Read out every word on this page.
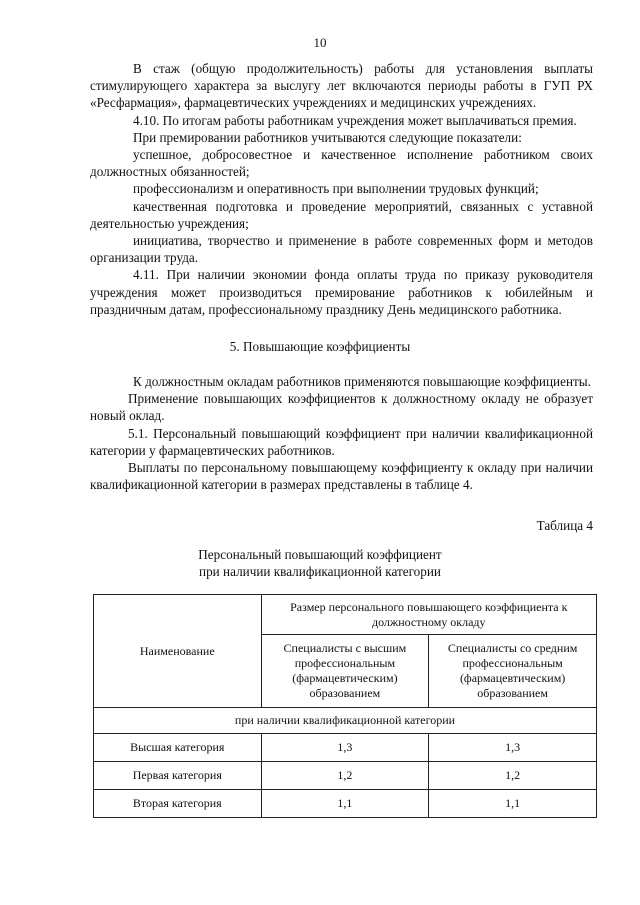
10

В стаж (общую продолжительность) работы для установления выплаты стимулирующего характера за выслугу лет включаются периоды работы в ГУП РХ «Ресфармация», фармацевтических учреждениях и медицинских учреждениях.

4.10. По итогам работы работникам учреждения может выплачиваться премия.

При премировании работников учитываются следующие показатели:

успешное, добросовестное и качественное исполнение работником своих должностных обязанностей;

профессионализм и оперативность при выполнении трудовых функций;

качественная подготовка и проведение мероприятий, связанных с уставной деятельностью учреждения;

инициатива, творчество и применение в работе современных форм и методов организации труда.

4.11. При наличии экономии фонда оплаты труда по приказу руководителя учреждения может производиться премирование работников к юбилейным и праздничным датам, профессиональному празднику День медицинского работника.

5. Повышающие коэффициенты

К должностным окладам работников применяются повышающие коэффициенты.

Применение повышающих коэффициентов к должностному окладу не образует новый оклад.

5.1. Персональный повышающий коэффициент при наличии квалификационной категории у фармацевтических работников.

Выплаты по персональному повышающему коэффициенту к окладу при наличии квалификационной категории в размерах представлены в таблице 4.

Таблица 4
Персональный повышающий коэффициент
при наличии квалификационной категории
Наименование	Размер персонального повышающего коэффициента к должностному окладу	
	Специалисты с высшим профессиональным (фармацевтическим) образованием	Специалисты со средним профессиональным (фармацевтическим) образованием
при наличии квалификационной категории		
Высшая категория	1,3	1,3
Первая категория	1,2	1,2
Вторая категория	1,1	1,1
